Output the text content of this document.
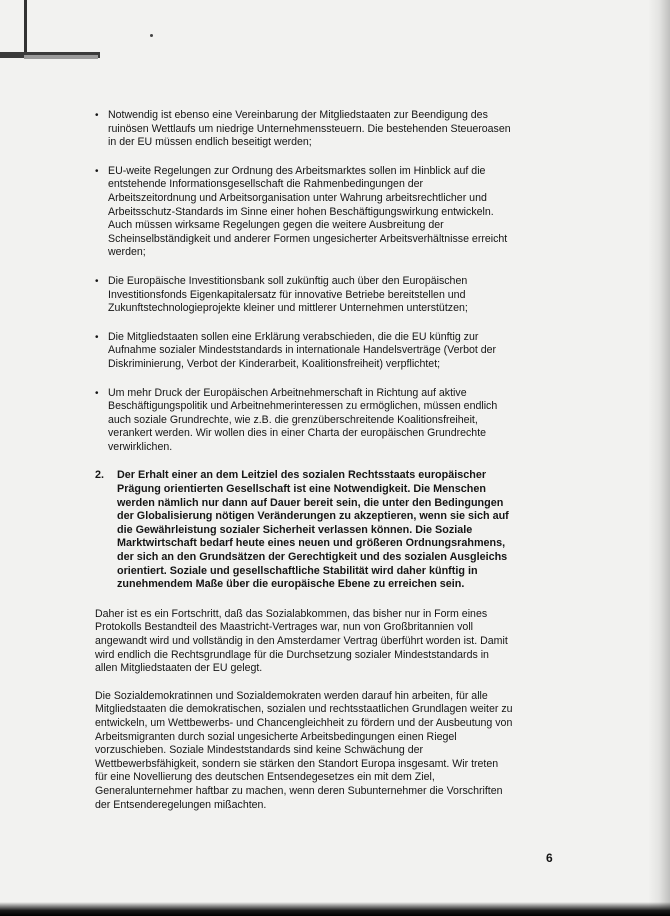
• Notwendig ist ebenso eine Vereinbarung der Mitgliedstaaten zur Beendigung des ruinösen Wettlaufs um niedrige Unternehmenssteuern. Die bestehenden Steueroasen in der EU müssen endlich beseitigt werden;
• EU-weite Regelungen zur Ordnung des Arbeitsmarktes sollen im Hinblick auf die entstehende Informationsgesellschaft die Rahmenbedingungen der Arbeitszeitordnung und Arbeitsorganisation unter Wahrung arbeitsrechtlicher und Arbeitsschutz-Standards im Sinne einer hohen Beschäftigungswirkung entwickeln. Auch müssen wirksame Regelungen gegen die weitere Ausbreitung der Scheinselbständigkeit und anderer Formen ungesicherter Arbeitsverhältnisse erreicht werden;
• Die Europäische Investitionsbank soll zukünftig auch über den Europäischen Investitionsfonds Eigenkapitalersatz für innovative Betriebe bereitstellen und Zukunftstechnologieprojekte kleiner und mittlerer Unternehmen unterstützen;
• Die Mitgliedstaaten sollen eine Erklärung verabschieden, die die EU künftig zur Aufnahme sozialer Mindeststandards in internationale Handelsverträge (Verbot der Diskriminierung, Verbot der Kinderarbeit, Koalitionsfreiheit) verpflichtet;
• Um mehr Druck der Europäischen Arbeitnehmerschaft in Richtung auf aktive Beschäftigungspolitik und Arbeitnehmerinteressen zu ermöglichen, müssen endlich auch soziale Grundrechte, wie z.B. die grenzüberschreitende Koalitionsfreiheit, verankert werden. Wir wollen dies in einer Charta der europäischen Grundrechte verwirklichen.
2. Der Erhalt einer an dem Leitziel des sozialen Rechtsstaats europäischer Prägung orientierten Gesellschaft ist eine Notwendigkeit. Die Menschen werden nämlich nur dann auf Dauer bereit sein, die unter den Bedingungen der Globalisierung nötigen Veränderungen zu akzeptieren, wenn sie sich auf die Gewährleistung sozialer Sicherheit verlassen können. Die Soziale Marktwirtschaft bedarf heute eines neuen und größeren Ordnungsrahmens, der sich an den Grundsätzen der Gerechtigkeit und des sozialen Ausgleichs orientiert. Soziale und gesellschaftliche Stabilität wird daher künftig in zunehmendem Maße über die europäische Ebene zu erreichen sein.

Daher ist es ein Fortschritt, daß das Sozialabkommen, das bisher nur in Form eines Protokolls Bestandteil des Maastricht-Vertrages war, nun von Großbritannien voll angewandt wird und vollständig in den Amsterdamer Vertrag überführt worden ist. Damit wird endlich die Rechtsgrundlage für die Durchsetzung sozialer Mindeststandards in allen Mitgliedstaaten der EU gelegt.

Die Sozialdemokratinnen und Sozialdemokraten werden darauf hin arbeiten, für alle Mitgliedstaaten die demokratischen, sozialen und rechtsstaatlichen Grundlagen weiter zu entwickeln, um Wettbewerbs- und Chancengleichheit zu fördern und der Ausbeutung von Arbeitsmigranten durch sozial ungesicherte Arbeitsbedingungen einen Riegel vorzuschieben. Soziale Mindeststandards sind keine Schwächung der Wettbewerbsfähigkeit, sondern sie stärken den Standort Europa insgesamt. Wir treten für eine Novellierung des deutschen Entsendegesetzes ein mit dem Ziel, Generalunternehmer haftbar zu machen, wenn deren Subunternehmer die Vorschriften der Entsenderegelungen mißachten.

6
